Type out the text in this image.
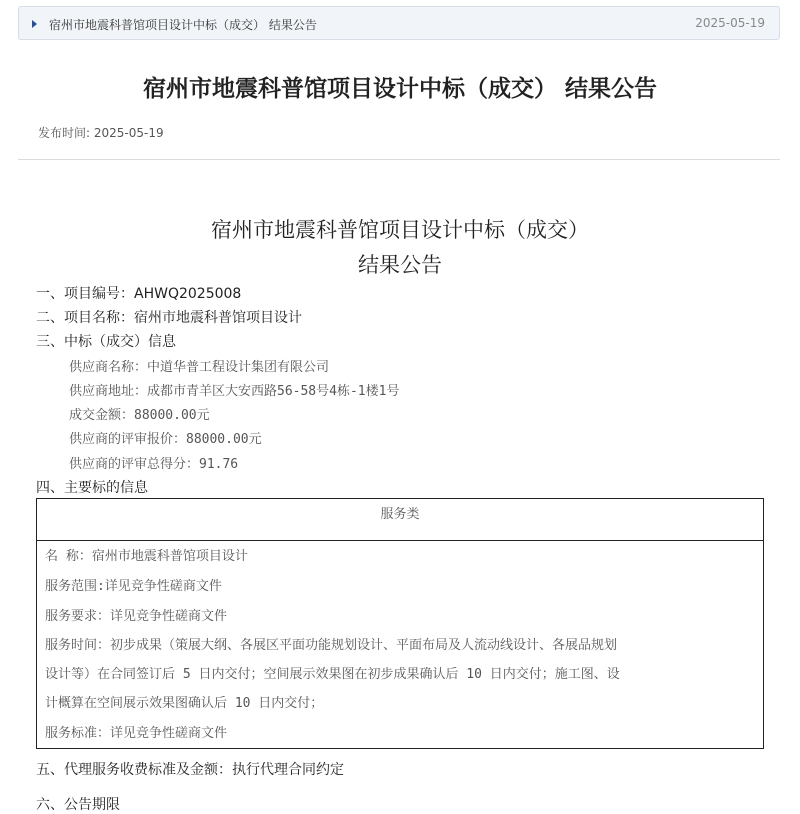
宿州市地震科普馆项目设计中标（成交） 结果公告	2025-05-19
宿州市地震科普馆项目设计中标（成交） 结果公告
发布时间: 2025-05-19
宿州市地震科普馆项目设计中标（成交）
结果公告
一、项目编号：AHWQ2025008
二、项目名称：宿州市地震科普馆项目设计
三、中标（成交）信息
供应商名称：中道华普工程设计集团有限公司
供应商地址：成都市青羊区大安西路56-58号4栋-1楼1号
成交金额：88000.00元
供应商的评审报价：88000.00元
供应商的评审总得分：91.76
四、主要标的信息
服务类
名 称：宿州市地震科普馆项目设计
服务范围:详见竞争性磋商文件
服务要求：详见竞争性磋商文件
服务时间：初步成果（策展大纲、各展区平面功能规划设计、平面布局及人流动线设计、各展品规划
设计等）在合同签订后 5 日内交付；空间展示效果图在初步成果确认后 10 日内交付；施工图、设
计概算在空间展示效果图确认后 10 日内交付；
服务标准：详见竞争性磋商文件
五、代理服务收费标准及金额：执行代理合同约定
六、公告期限
